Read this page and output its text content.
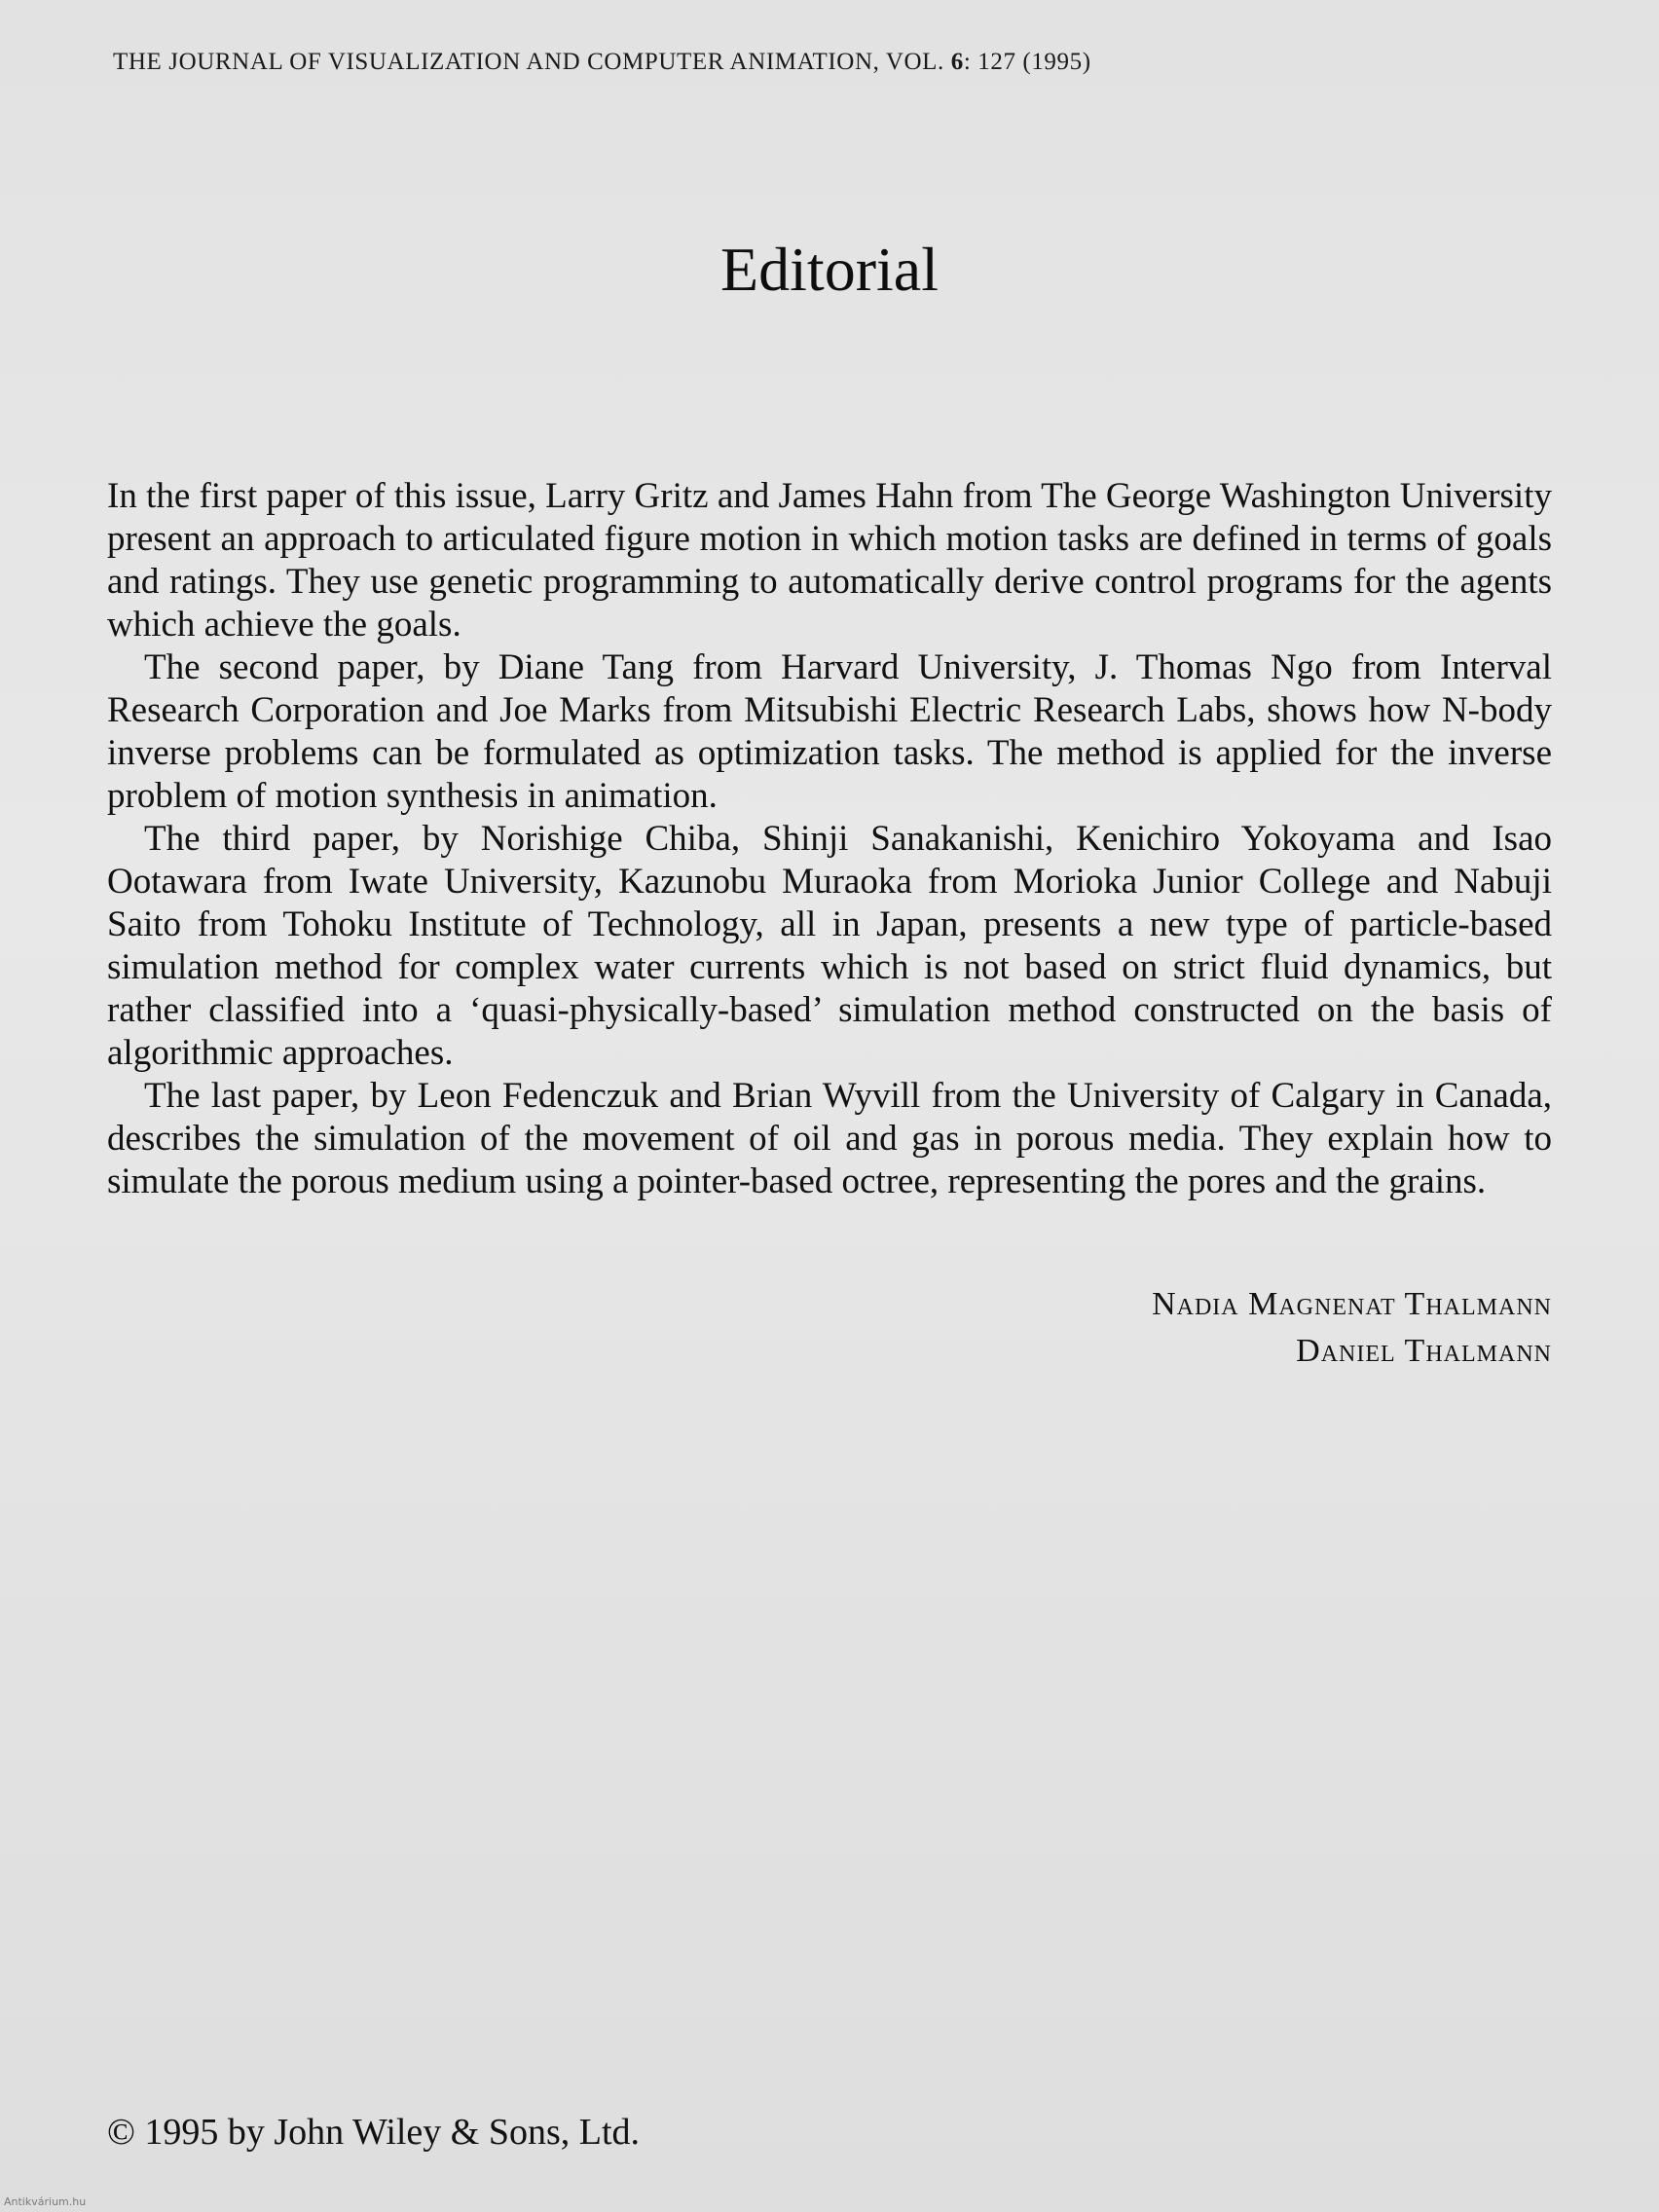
THE JOURNAL OF VISUALIZATION AND COMPUTER ANIMATION, VOL. 6: 127 (1995)
Editorial

In the first paper of this issue, Larry Gritz and James Hahn from The George Washington University present an approach to articulated figure motion in which motion tasks are defined in terms of goals and ratings. They use genetic programming to automatically derive control programs for the agents which achieve the goals.

The second paper, by Diane Tang from Harvard University, J. Thomas Ngo from Interval Research Corporation and Joe Marks from Mitsubishi Electric Research Labs, shows how N-body inverse problems can be formulated as optimization tasks. The method is applied for the inverse problem of motion synthesis in animation.

The third paper, by Norishige Chiba, Shinji Sanakanishi, Kenichiro Yokoyama and Isao Ootawara from Iwate University, Kazunobu Muraoka from Morioka Junior College and Nabuji Saito from Tohoku Institute of Technology, all in Japan, presents a new type of particle-based simulation method for complex water currents which is not based on strict fluid dynamics, but rather classified into a ‘quasi-physically-based’ simulation method constructed on the basis of algorithmic approaches.

The last paper, by Leon Fedenczuk and Brian Wyvill from the University of Calgary in Canada, describes the simulation of the movement of oil and gas in porous media. They explain how to simulate the porous medium using a pointer-based octree, representing the pores and the grains.

Nadia Magnenat Thalmann
Daniel Thalmann
© 1995 by John Wiley & Sons, Ltd.
Antikvárium.hu
